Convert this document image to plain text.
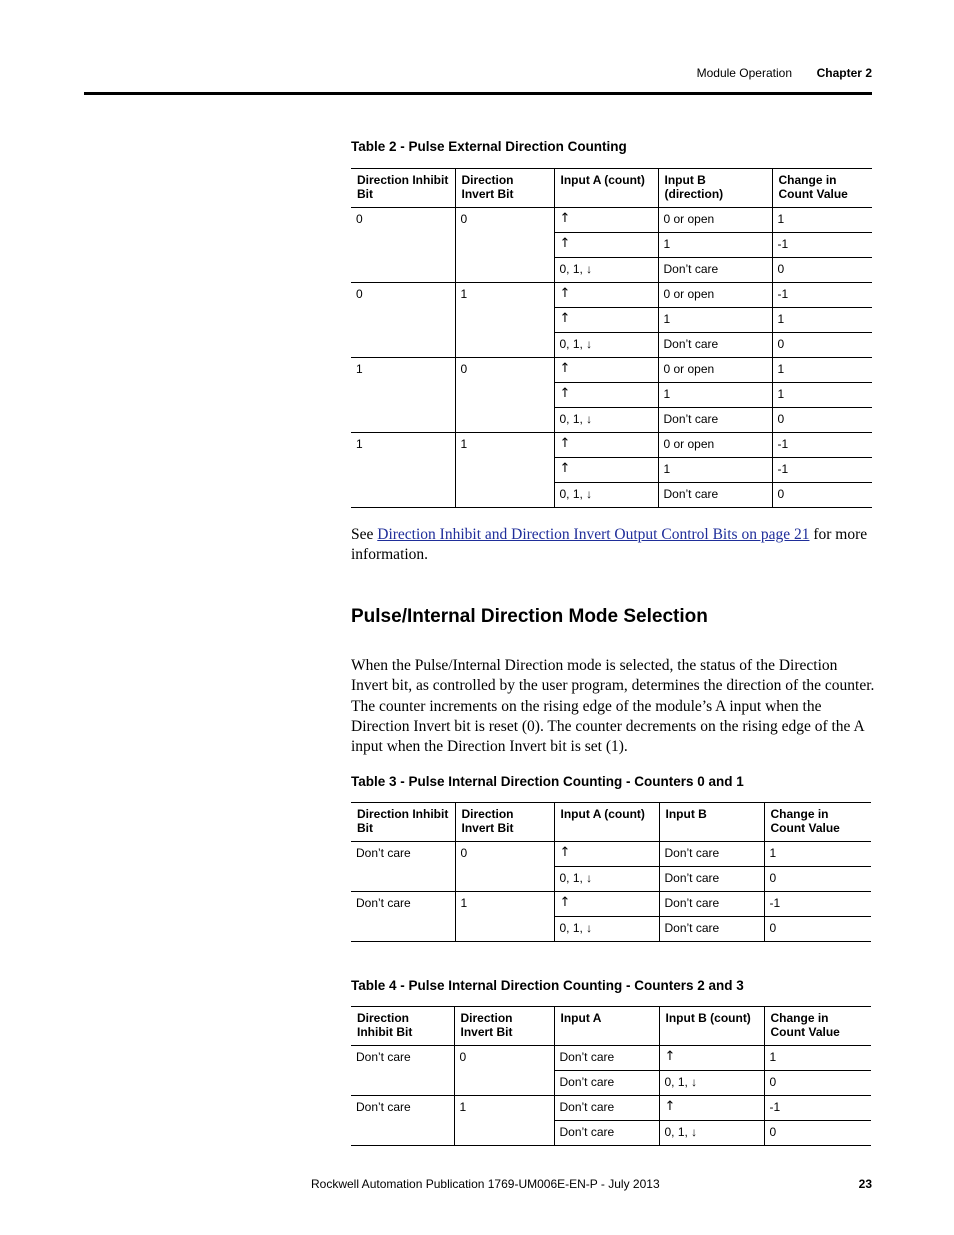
Module Operation Chapter 2
Table 2 - Pulse External Direction Counting
Direction Inhibit Bit	Direction Invert Bit	Input A (count)	Input B (direction)	Change in Count Value
0	0	↑	0 or open	1
		↑	1	-1
		0, 1, ↓	Don’t care	0
0	1	↑	0 or open	-1
		↑	1	1
		0, 1, ↓	Don’t care	0
1	0	↑	0 or open	1
		↑	1	1
		0, 1, ↓	Don’t care	0
1	1	↑	0 or open	-1
		↑	1	-1
		0, 1, ↓	Don’t care	0

See Direction Inhibit and Direction Invert Output Control Bits on page 21 for more information.

Pulse/Internal Direction Mode Selection

When the Pulse/Internal Direction mode is selected, the status of the Direction Invert bit, as controlled by the user program, determines the direction of the counter. The counter increments on the rising edge of the module’s A input when the Direction Invert bit is reset (0). The counter decrements on the rising edge of the A input when the Direction Invert bit is set (1).

Table 3 - Pulse Internal Direction Counting - Counters 0 and 1
Direction Inhibit Bit	Direction Invert Bit	Input A (count)	Input B	Change in Count Value
Don’t care	0	↑	Don’t care	1
		0, 1, ↓	Don’t care	0
Don’t care	1	↑	Don’t care	-1
		0, 1, ↓	Don’t care	0
Table 4 - Pulse Internal Direction Counting - Counters 2 and 3
Direction Inhibit Bit	Direction Invert Bit	Input A	Input B (count)	Change in Count Value
Don’t care	0	Don’t care	↑	1
		Don’t care	0, 1, ↓	0
Don’t care	1	Don’t care	↑	-1
		Don’t care	0, 1, ↓	0
Rockwell Automation Publication 1769-UM006E-EN-P - July 2013	23
